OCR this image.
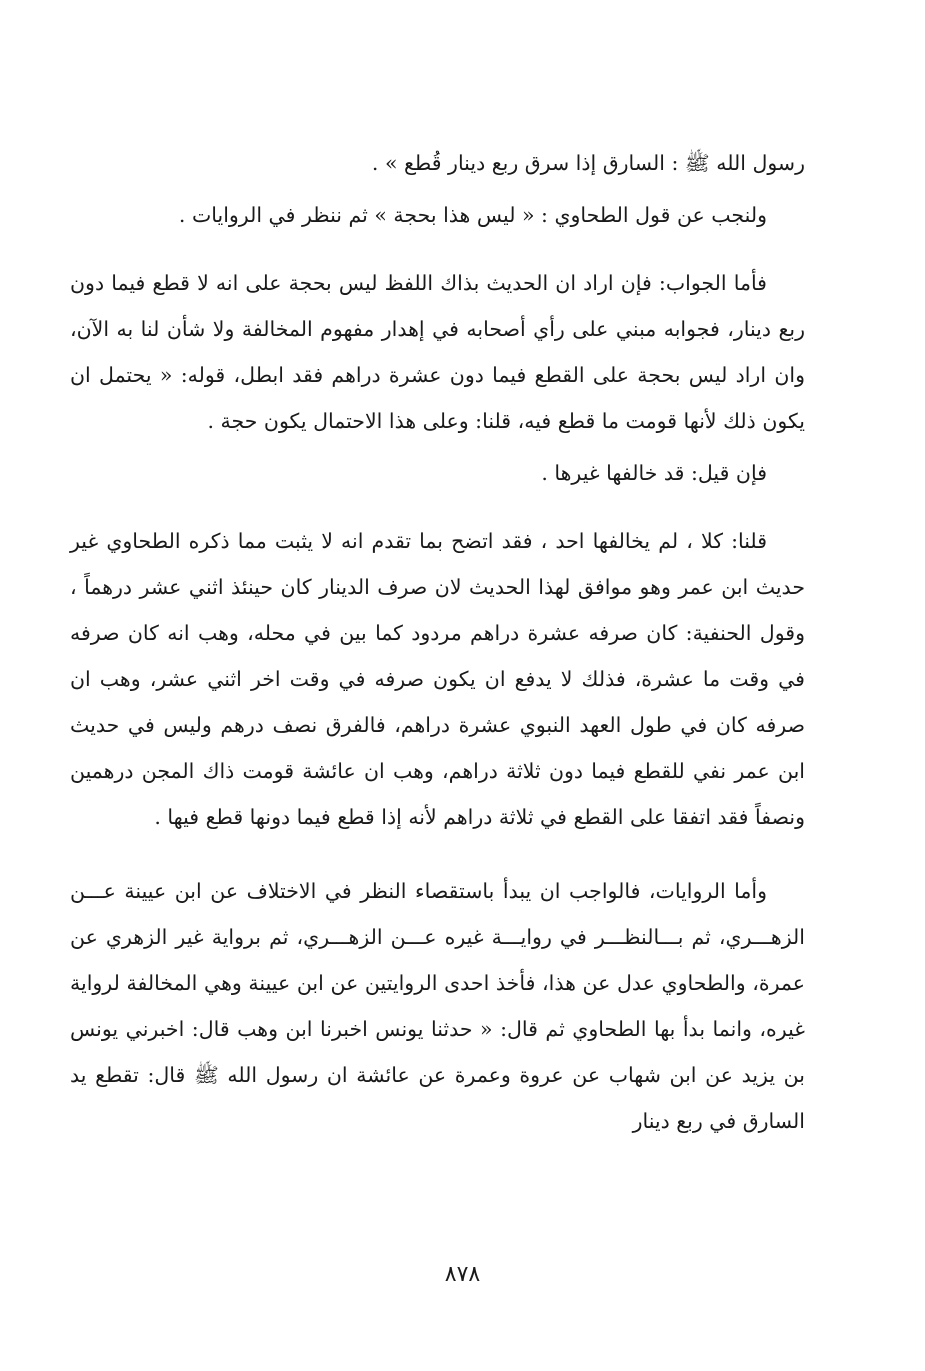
رسول الله ﷺ : السارق إذا سرق ربع دينار قُطع » .

ولنجب عن قول الطحاوي : « ليس هذا بحجة » ثم ننظر في الروايات .

فأما الجواب: فإن اراد ان الحديث بذاك اللفظ ليس بحجة على انه لا قطع فيما دون ربع دينار، فجوابه مبني على رأي أصحابه في إهدار مفهوم المخالفة ولا شأن لنا به الآن، وان اراد ليس بحجة على القطع فيما دون عشرة دراهم فقد ابطل، قوله: « يحتمل ان يكون ذلك لأنها قومت ما قطع فيه، قلنا: وعلى هذا الاحتمال يكون حجة .

فإن قيل: قد خالفها غيرها .

قلنا: كلا ، لم يخالفها احد ، فقد اتضح بما تقدم انه لا يثبت مما ذكره الطحاوي غير حديث ابن عمر وهو موافق لهذا الحديث لان صرف الدينار كان حينئذ اثني عشر درهماً ، وقول الحنفية: كان صرفه عشرة دراهم مردود كما بين في محله، وهب انه كان صرفه في وقت ما عشرة، فذلك لا يدفع ان يكون صرفه في وقت اخر اثني عشر، وهب ان صرفه كان في طول العهد النبوي عشرة دراهم، فالفرق نصف درهم وليس في حديث ابن عمر نفي للقطع فيما دون ثلاثة دراهم، وهب ان عائشة قومت ذاك المجن درهمين ونصفاً فقد اتفقا على القطع في ثلاثة دراهم لأنه إذا قطع فيما دونها قطع فيها .

وأما الروايات، فالواجب ان يبدأ باستقصاء النظر في الاختلاف عن ابن عيينة عـــن الزهـــري، ثم بـــالنظـــر في روايـــة غيره عـــن الزهـــري، ثم برواية غير الزهري عن عمرة، والطحاوي عدل عن هذا، فأخذ احدى الروايتين عن ابن عيينة وهي المخالفة لرواية غيره، وانما بدأ بها الطحاوي ثم قال: « حدثنا يونس اخبرنا ابن وهب قال: اخبرني يونس بن يزيد عن ابن شهاب عن عروة وعمرة عن عائشة ان رسول الله ﷺ قال: تقطع يد السارق في ربع دينار

٨٧٨
